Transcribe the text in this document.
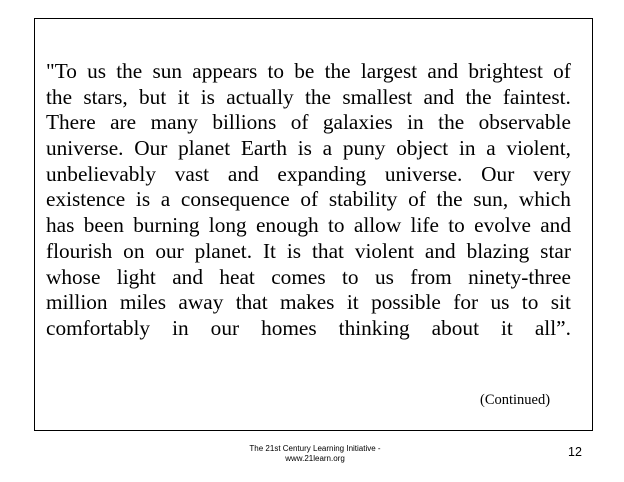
"To us the sun appears to be the largest and brightest of
the stars, but it is actually the smallest and the faintest.
There are many billions of galaxies in the observable
universe. Our planet Earth is a puny object in a violent,
unbelievably vast and expanding universe. Our very
existence is a consequence of stability of the sun, which
has been burning long enough to allow life to evolve and
flourish on our planet. It is that violent and blazing star
whose light and heat comes to us from ninety-three
million miles away that makes it possible for us to sit
comfortably in our homes thinking about it all”.
(Continued)
The 21st Century Learning Initiative -
www.21learn.org	12
